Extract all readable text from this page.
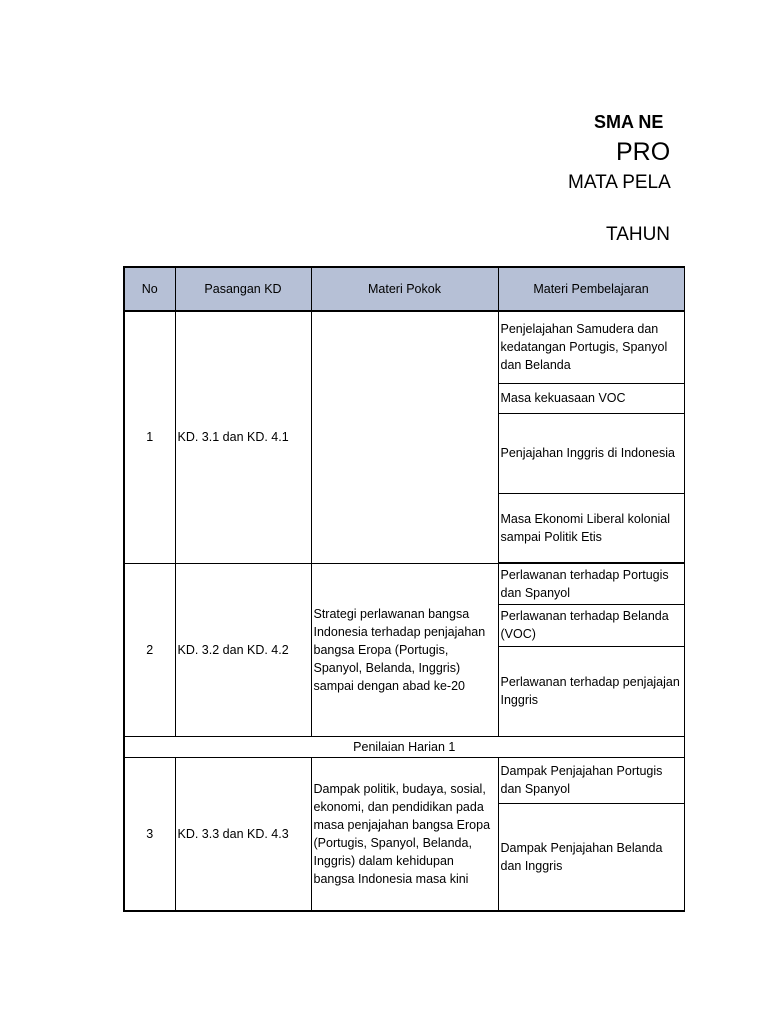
SMA NE
PRO
MATA PELA
TAHUN
No	Pasangan KD	Materi Pokok	Materi Pembelajaran
1	KD. 3.1 dan KD. 4.1		Penjelajahan Samudera dan kedatangan Portugis, Spanyol dan Belanda
			Masa kekuasaan VOC
			Penjajahan Inggris di Indonesia
			Masa Ekonomi Liberal kolonial sampai Politik Etis
2	KD. 3.2 dan KD. 4.2	Strategi perlawanan bangsa Indonesia terhadap penjajahan bangsa Eropa (Portugis, Spanyol, Belanda, Inggris) sampai dengan abad ke-20	Perlawanan terhadap Portugis dan Spanyol
			Perlawanan terhadap Belanda (VOC)
			Perlawanan terhadap penjajajan Inggris
Penilaian Harian 1			
3	KD. 3.3 dan KD. 4.3	Dampak politik, budaya, sosial, ekonomi, dan pendidikan pada masa penjajahan bangsa Eropa (Portugis, Spanyol, Belanda, Inggris) dalam kehidupan bangsa Indonesia masa kini	Dampak Penjajahan Portugis dan Spanyol
			Dampak Penjajahan Belanda dan Inggris
